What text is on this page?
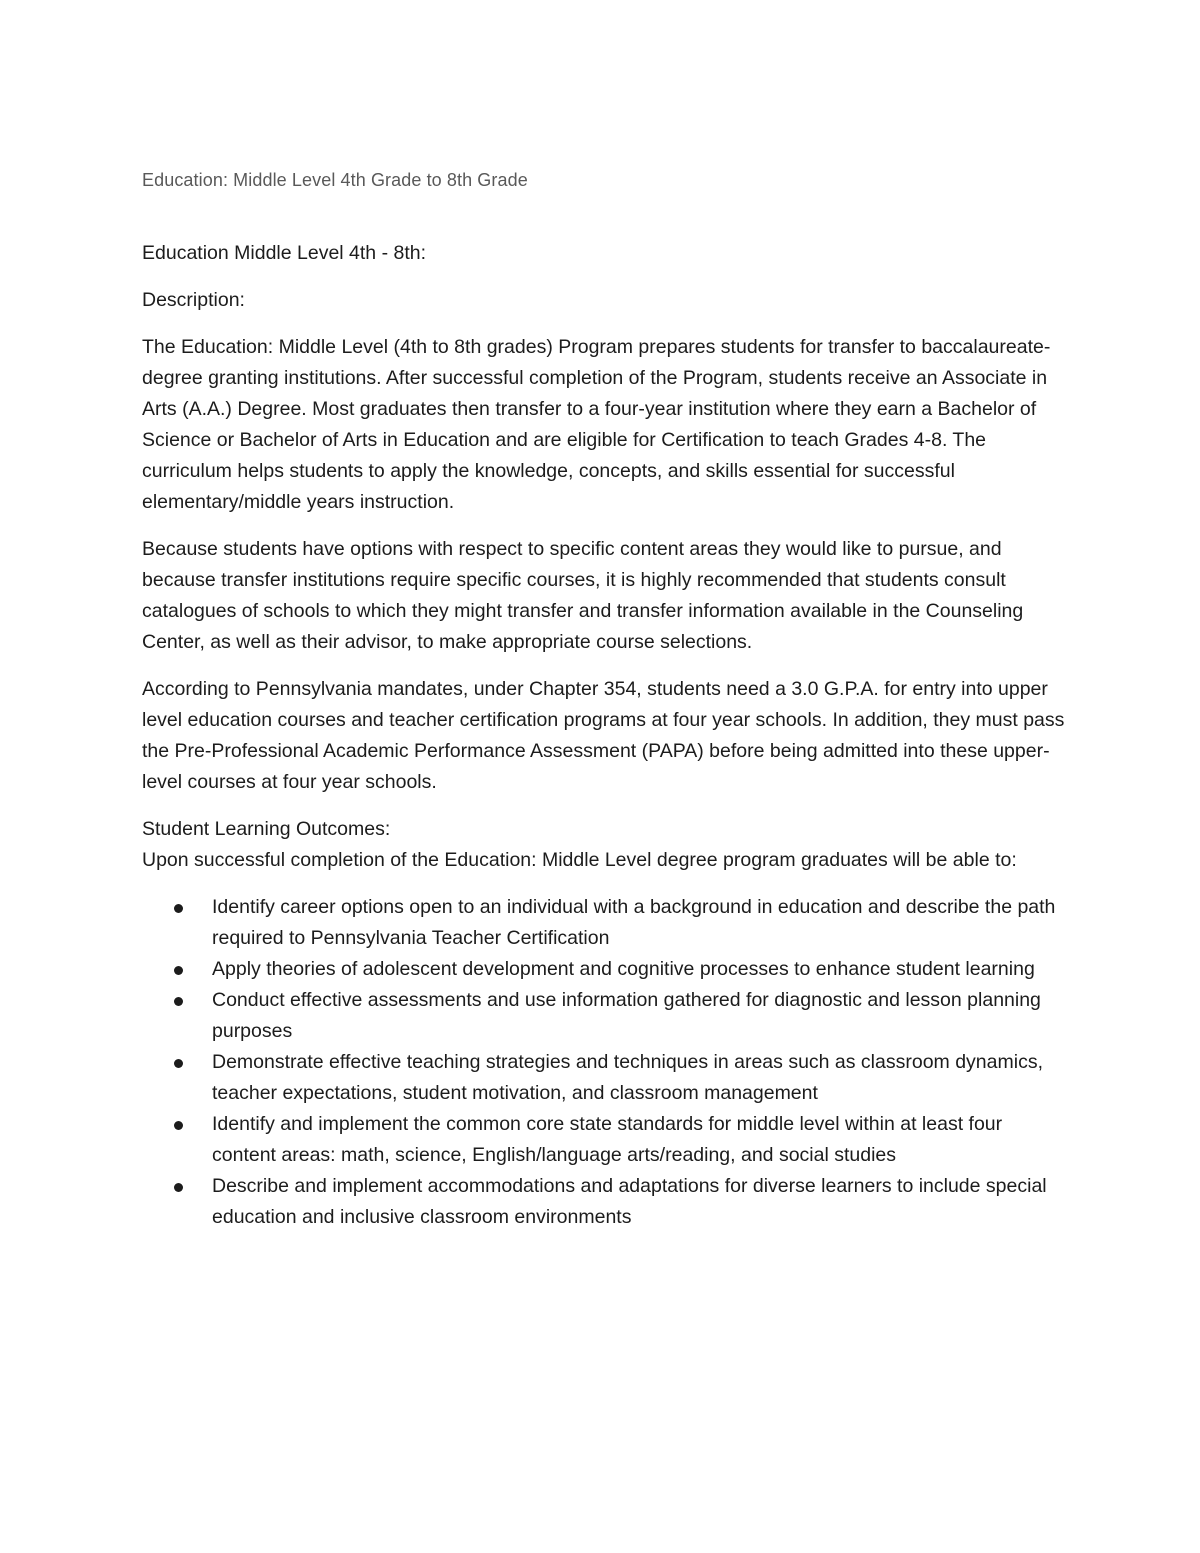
Education: Middle Level 4th Grade to 8th Grade

Education Middle Level 4th - 8th:

Description:

The Education: Middle Level (4th to 8th grades) Program prepares students for transfer to baccalaureate-degree granting institutions. After successful completion of the Program, students receive an Associate in Arts (A.A.) Degree. Most graduates then transfer to a four-year institution where they earn a Bachelor of Science or Bachelor of Arts in Education and are eligible for Certification to teach Grades 4-8. The curriculum helps students to apply the knowledge, concepts, and skills essential for successful elementary/middle years instruction.

Because students have options with respect to specific content areas they would like to pursue, and because transfer institutions require specific courses, it is highly recommended that students consult catalogues of schools to which they might transfer and transfer information available in the Counseling Center, as well as their advisor, to make appropriate course selections.

According to Pennsylvania mandates, under Chapter 354, students need a 3.0 G.P.A. for entry into upper level education courses and teacher certification programs at four year schools. In addition, they must pass the Pre-Professional Academic Performance Assessment (PAPA) before being admitted into these upper-level courses at four year schools.

Student Learning Outcomes:

Upon successful completion of the Education: Middle Level degree program graduates will be able to:

Identify career options open to an individual with a background in education and describe the path required to Pennsylvania Teacher Certification
Apply theories of adolescent development and cognitive processes to enhance student learning
Conduct effective assessments and use information gathered for diagnostic and lesson planning purposes
Demonstrate effective teaching strategies and techniques in areas such as classroom dynamics, teacher expectations, student motivation, and classroom management
Identify and implement the common core state standards for middle level within at least four content areas: math, science, English/language arts/reading, and social studies
Describe and implement accommodations and adaptations for diverse learners to include special education and inclusive classroom environments
